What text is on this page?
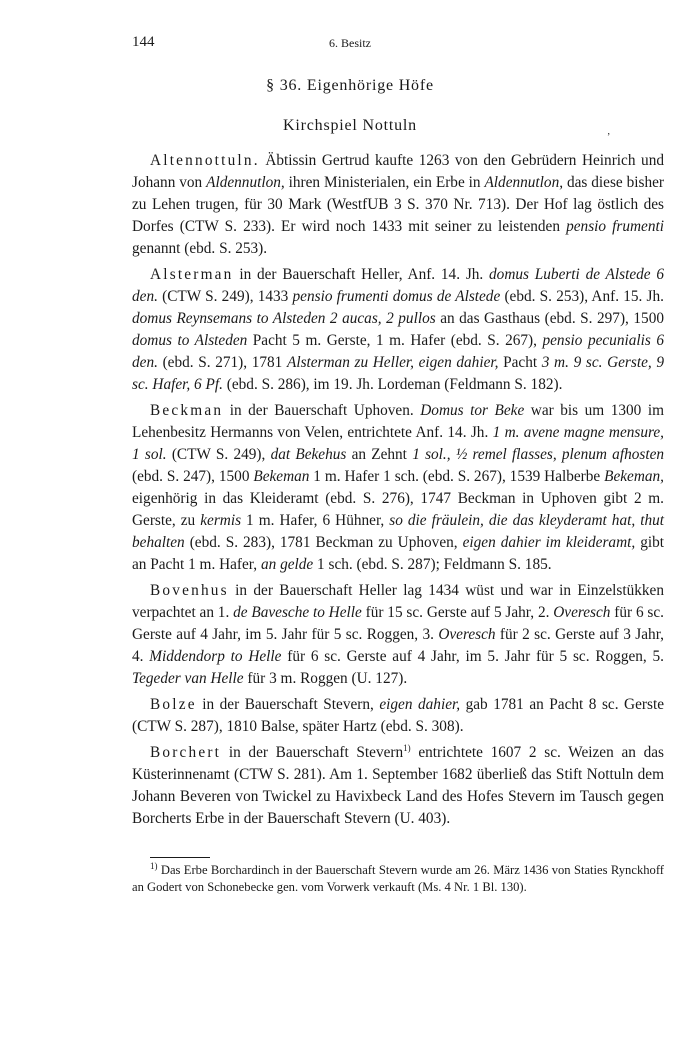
144	6. Besitz
§ 36. Eigenhörige Höfe
Kirchspiel Nottuln	‚

Altennottuln. Äbtissin Gertrud kaufte 1263 von den Gebrüdern Heinrich und Johann von Aldennutlon, ihren Ministerialen, ein Erbe in Aldennutlon, das diese bisher zu Lehen trugen, für 30 Mark (WestfUB 3 S. 370 Nr. 713). Der Hof lag östlich des Dorfes (CTW S. 233). Er wird noch 1433 mit seiner zu leistenden pensio frumenti genannt (ebd. S. 253).

Alsterman in der Bauerschaft Heller, Anf. 14. Jh. domus Luberti de Alstede 6 den. (CTW S. 249), 1433 pensio frumenti domus de Alstede (ebd. S. 253), Anf. 15. Jh. domus Reynsemans to Alsteden 2 aucas, 2 pullos an das Gasthaus (ebd. S. 297), 1500 domus to Alsteden Pacht 5 m. Gerste, 1 m. Hafer (ebd. S. 267), pensio pecunialis 6 den. (ebd. S. 271), 1781 Alsterman zu Heller, eigen dahier, Pacht 3 m. 9 sc. Gerste, 9 sc. Hafer, 6 Pf. (ebd. S. 286), im 19. Jh. Lordeman (Feldmann S. 182).

Beckman in der Bauerschaft Uphoven. Domus tor Beke war bis um 1300 im Lehenbesitz Hermanns von Velen, entrichtete Anf. 14. Jh. 1 m. avene magne mensure, 1 sol. (CTW S. 249), dat Bekehus an Zehnt 1 sol., ½ remel flasses, plenum afhosten (ebd. S. 247), 1500 Bekeman 1 m. Hafer 1 sch. (ebd. S. 267), 1539 Halberbe Bekeman, eigenhörig in das Kleideramt (ebd. S. 276), 1747 Beckman in Uphoven gibt 2 m. Gerste, zu kermis 1 m. Hafer, 6 Hühner, so die fräulein, die das kleyderamt hat, thut behalten (ebd. S. 283), 1781 Beckman zu Uphoven, eigen dahier im kleideramt, gibt an Pacht 1 m. Hafer, an gelde 1 sch. (ebd. S. 287); Feldmann S. 185.

Bovenhus in der Bauerschaft Heller lag 1434 wüst und war in Einzelstükken verpachtet an 1. de Bavesche to Helle für 15 sc. Gerste auf 5 Jahr, 2. Overesch für 6 sc. Gerste auf 4 Jahr, im 5. Jahr für 5 sc. Roggen, 3. Overesch für 2 sc. Gerste auf 3 Jahr, 4. Middendorp to Helle für 6 sc. Gerste auf 4 Jahr, im 5. Jahr für 5 sc. Roggen, 5. Tegeder van Helle für 3 m. Roggen (U. 127).

Bolze in der Bauerschaft Stevern, eigen dahier, gab 1781 an Pacht 8 sc. Gerste (CTW S. 287), 1810 Balse, später Hartz (ebd. S. 308).

Borchert in der Bauerschaft Stevern$^{1)}$ entrichtete 1607 2 sc. Weizen an das Küsterinnenamt (CTW S. 281). Am 1. September 1682 überließ das Stift Nottuln dem Johann Beveren von Twickel zu Havixbeck Land des Hofes Stevern im Tausch gegen Borcherts Erbe in der Bauerschaft Stevern (U. 403).

$^{1)}$ Das Erbe Borchardinch in der Bauerschaft Stevern wurde am 26. März 1436 von Staties Rynckhoff an Godert von Schonebecke gen. vom Vorwerk verkauft (Ms. 4 Nr. 1 Bl. 130).
